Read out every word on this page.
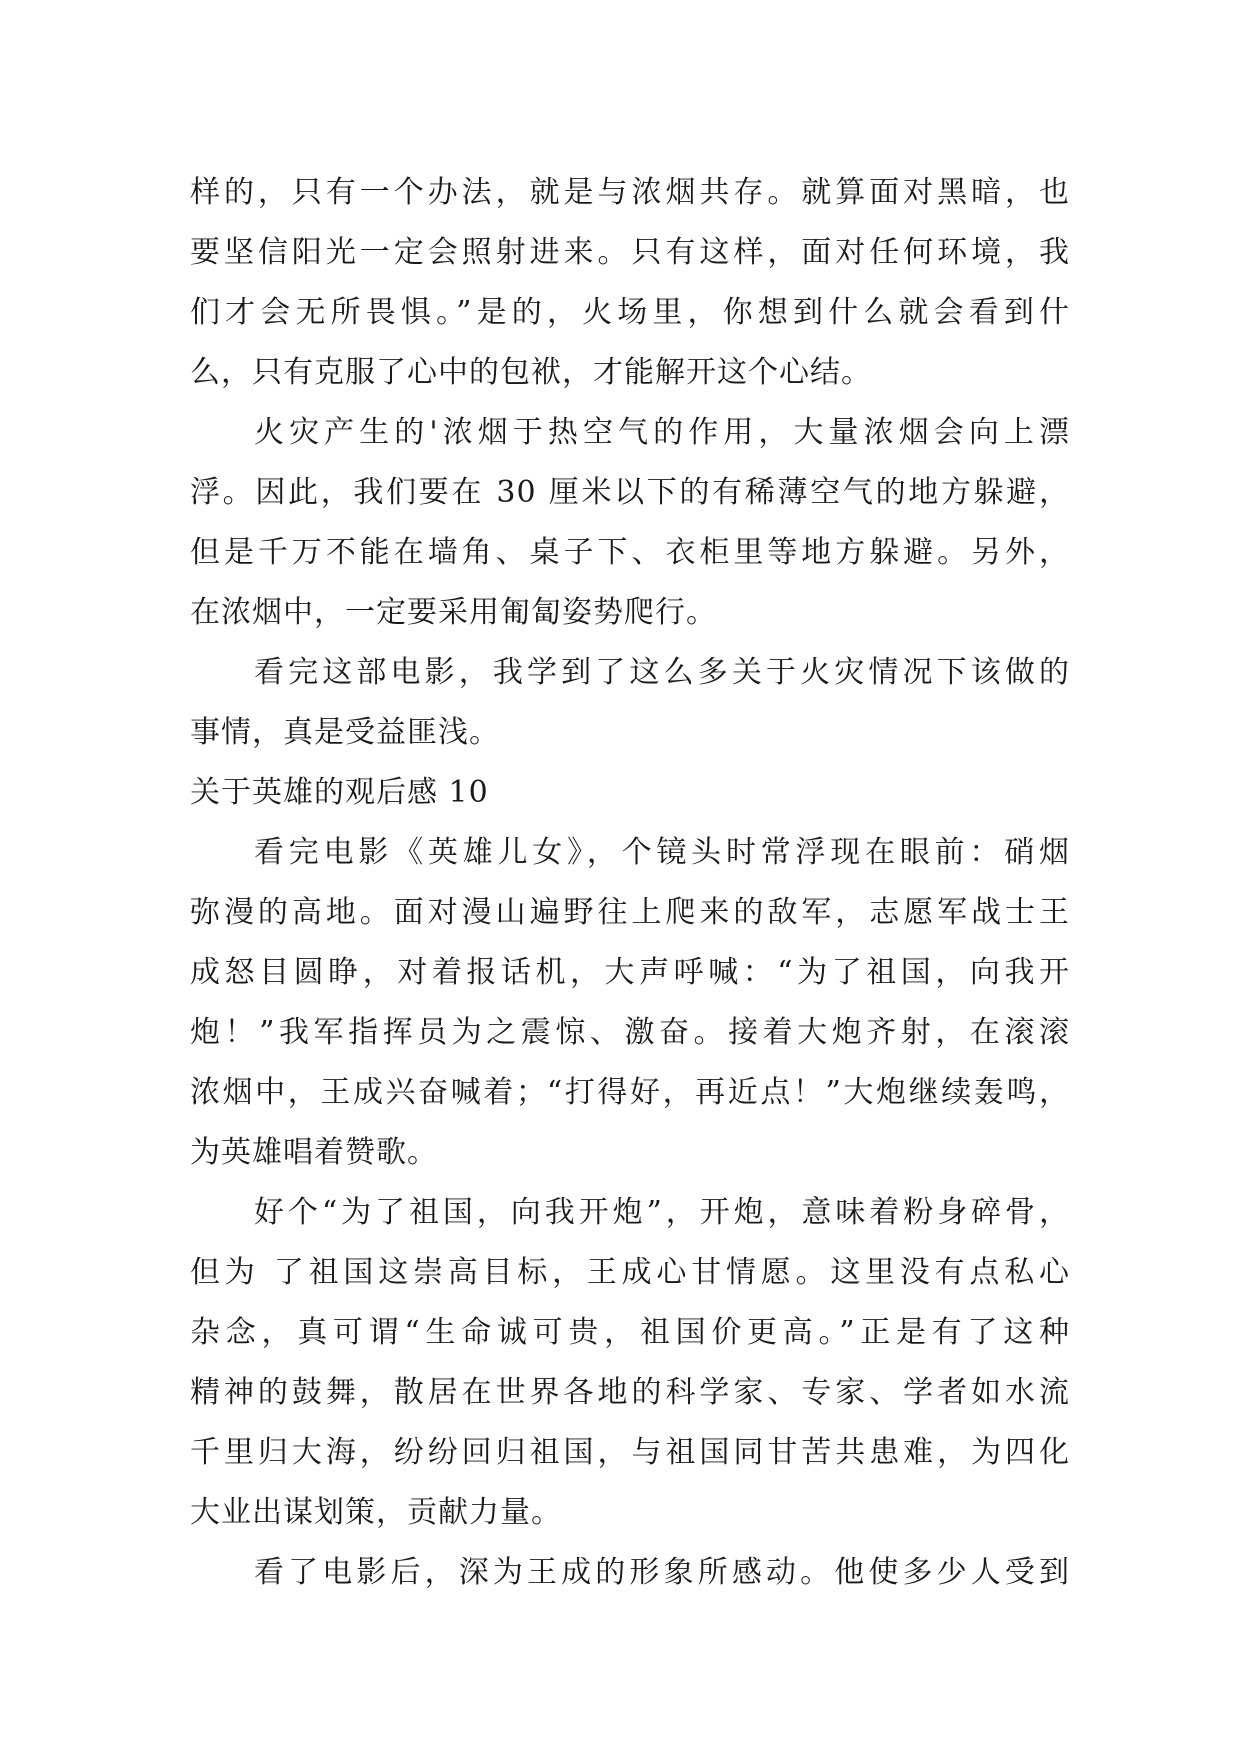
样的，只有一个办法，就是与浓烟共存。就算面对黑暗，也
要坚信阳光一定会照射进来。只有这样，面对任何环境，我
们才会无所畏惧。”是的，火场里，你想到什么就会看到什
么，只有克服了心中的包袱，才能解开这个心结。
火灾产生的'浓烟于热空气的作用，大量浓烟会向上漂
浮。因此，我们要在 30 厘米以下的有稀薄空气的地方躲避，
但是千万不能在墙角、桌子下、衣柜里等地方躲避。另外，
在浓烟中，一定要采用匍匐姿势爬行。
看完这部电影，我学到了这么多关于火灾情况下该做的
事情，真是受益匪浅。
关于英雄的观后感 10
看完电影《英雄儿女》，个镜头时常浮现在眼前：硝烟
弥漫的高地。面对漫山遍野往上爬来的敌军，志愿军战士王
成怒目圆睁，对着报话机，大声呼喊：“为了祖国，向我开
炮！”我军指挥员为之震惊、激奋。接着大炮齐射，在滚滚
浓烟中，王成兴奋喊着；“打得好，再近点！”大炮继续轰鸣，
为英雄唱着赞歌。
好个“为了祖国，向我开炮”，开炮，意味着粉身碎骨，
但为 了祖国这崇高目标，王成心甘情愿。这里没有点私心
杂念，真可谓“生命诚可贵，祖国价更高。”正是有了这种
精神的鼓舞，散居在世界各地的科学家、专家、学者如水流
千里归大海，纷纷回归祖国，与祖国同甘苦共患难，为四化
大业出谋划策，贡献力量。
看了电影后，深为王成的形象所感动。他使多少人受到
